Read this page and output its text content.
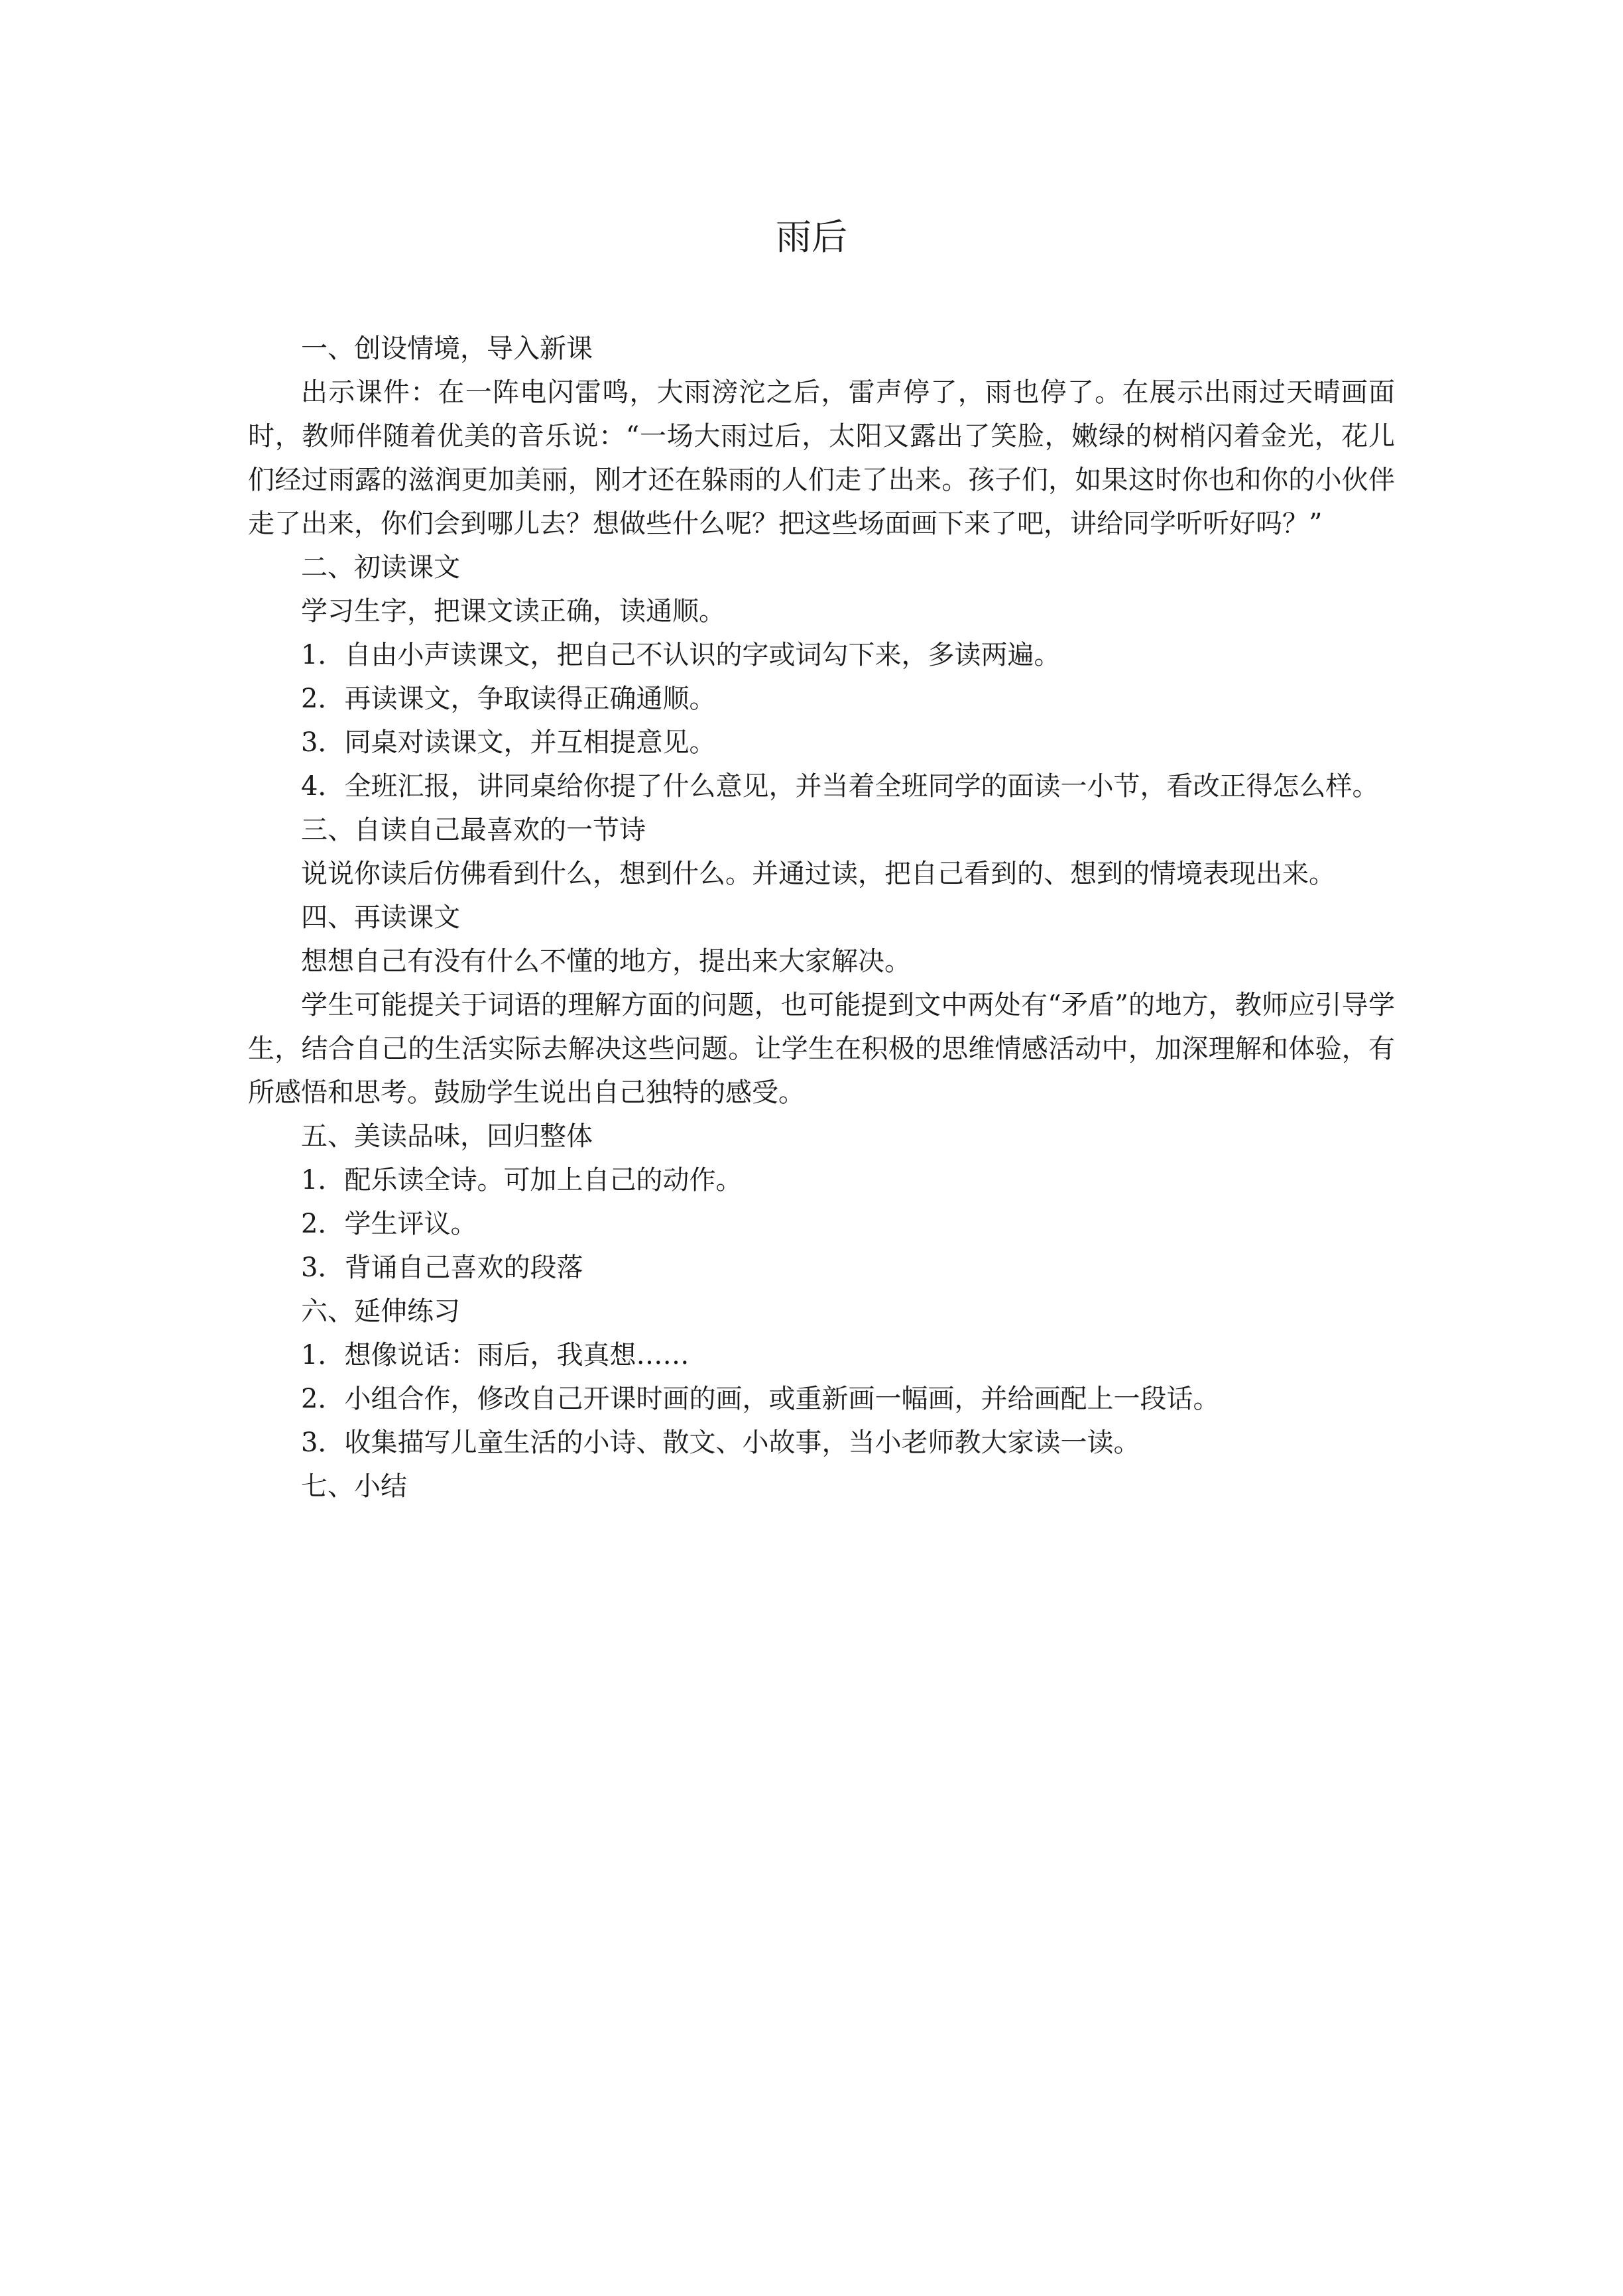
雨后

一、创设情境，导入新课

出示课件：在一阵电闪雷鸣，大雨滂沱之后，雷声停了，雨也停了。在展示出雨过天晴画面时，教师伴随着优美的音乐说：“一场大雨过后，太阳又露出了笑脸，嫩绿的树梢闪着金光，花儿们经过雨露的滋润更加美丽，刚才还在躲雨的人们走了出来。孩子们，如果这时你也和你的小伙伴走了出来，你们会到哪儿去？想做些什么呢？把这些场面画下来了吧，讲给同学听听好吗？”

二、初读课文

学习生字，把课文读正确，读通顺。

1．自由小声读课文，把自己不认识的字或词勾下来，多读两遍。

2．再读课文，争取读得正确通顺。

3．同桌对读课文，并互相提意见。

4．全班汇报，讲同桌给你提了什么意见，并当着全班同学的面读一小节，看改正得怎么样。

三、自读自己最喜欢的一节诗

说说你读后仿佛看到什么，想到什么。并通过读，把自己看到的、想到的情境表现出来。

四、再读课文

想想自己有没有什么不懂的地方，提出来大家解决。

学生可能提关于词语的理解方面的问题，也可能提到文中两处有“矛盾”的地方，教师应引导学生，结合自己的生活实际去解决这些问题。让学生在积极的思维情感活动中，加深理解和体验，有所感悟和思考。鼓励学生说出自己独特的感受。

五、美读品味，回归整体

1．配乐读全诗。可加上自己的动作。

2．学生评议。

3．背诵自己喜欢的段落

六、延伸练习

1．想像说话：雨后，我真想……

2．小组合作，修改自己开课时画的画，或重新画一幅画，并给画配上一段话。

3．收集描写儿童生活的小诗、散文、小故事，当小老师教大家读一读。

七、小结
